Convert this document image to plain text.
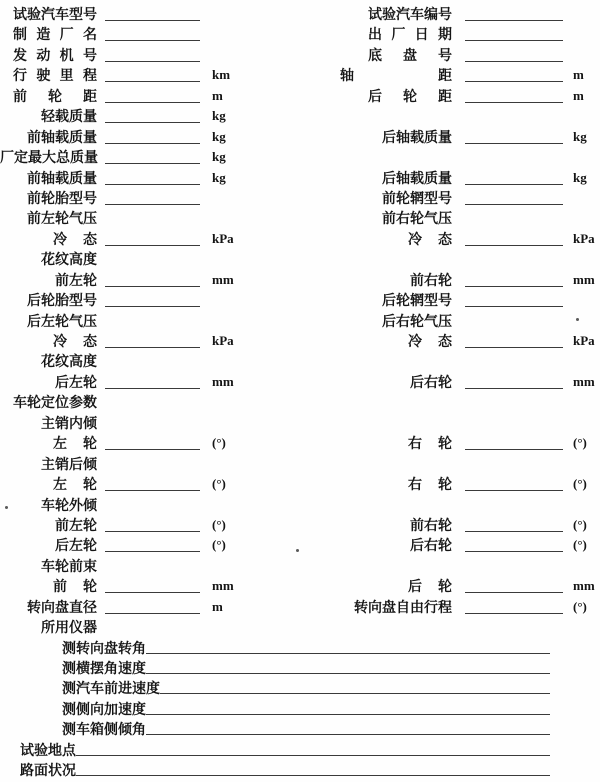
试验汽车型号	试验汽车编号
制造厂名	出厂日期
发动机号	底盘号
行驶里程	km	轴距	m
前轮距	m	后轮距	m
轻载质量	kg
前轴载质量	kg	后轴载质量	kg
厂定最大总质量	kg
前轴载质量	kg	后轴载质量	kg
前轮胎型号	前轮辋型号
前左轮气压	前右轮气压
冷态	kPa	冷态	kPa
花纹高度
前左轮	mm	前右轮	mm
后轮胎型号	后轮辋型号
后左轮气压	后右轮气压
冷态	kPa	冷态	kPa
花纹高度
后左轮	mm	后右轮	mm
车轮定位参数
主销内倾
左轮	(°)	右轮	(°)
主销后倾
左轮	(°)	右轮	(°)
车轮外倾
前左轮	(°)	前右轮	(°)
后左轮	(°)	后右轮	(°)
车轮前束
前轮	mm	后轮	mm
转向盘直径	m	转向盘自由行程	(°)
所用仪器
测转向盘转角
测横摆角速度
测汽车前进速度
测侧向加速度
测车箱侧倾角
试验地点
路面状况
